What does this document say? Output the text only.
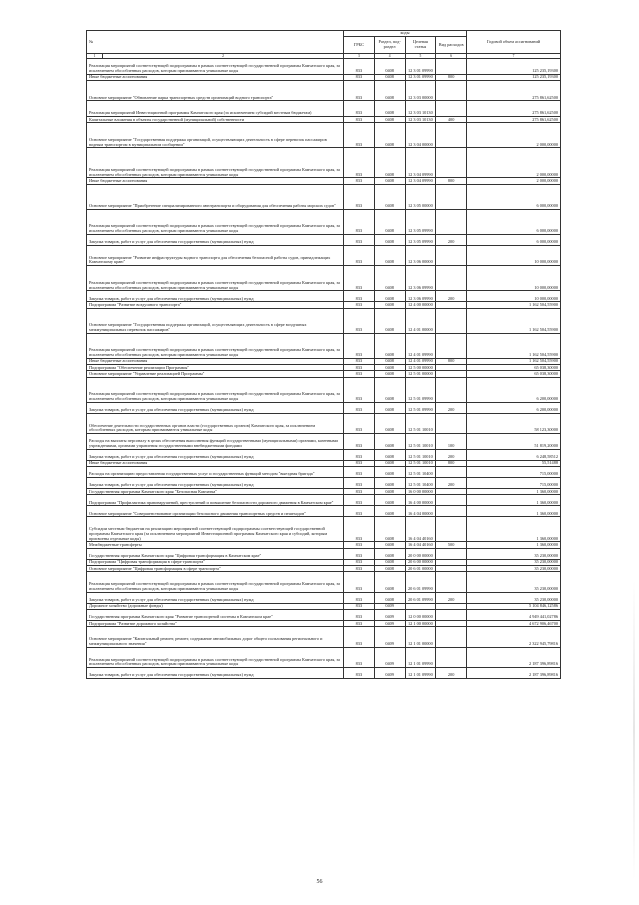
№	коды				Годовой объем ассигнований
	ГРБС	Раздел, под-раздел	Целевая статья	Вид расходов	

1 2	3	4	5	6	7
Реализация мероприятий соответствующей подпрограммы в рамках соответствующей государственной программы Камчатского края, за исключением обособленных расходов, которым присваиваются уникальные коды	833	0408	12 3 01 09990		125 235,19300
Иные бюджетные ассигнования	833	0408	12 3 01 09990	800	125 235,19300
Основное мероприятие "Обновление парка транспортных средств организаций водного транспорта"	833	0408	12 3 03 00000		275 861,62500
Реализация мероприятий Инвестиционной программы Камчатского края (за исключением субсидий местным бюджетам)	833	0408	12 3 03 10130		275 861,62500
Капитальные вложения в объекты государственной (муниципальной) собственности	833	0408	12 3 03 10130	400	275 861,62500
Основное мероприятие "Государственная поддержка организаций, осуществляющих деятельность в сфере перевозок пассажиров водным транспортом в муниципальном сообщении"	833	0408	12 3 04 00000		2 000,00000
Реализация мероприятий соответствующей подпрограммы в рамках соответствующей государственной программы Камчатского края, за исключением обособленных расходов, которым присваиваются уникальные коды	833	0408	12 3 04 09990		2 000,00000
Иные бюджетные ассигнования	833	0408	12 3 04 09990	800	2 000,00000
Основное мероприятие "Приобретение специализированного автотранспорта и оборудования для обеспечения работы морских судов"	833	0408	12 3 05 00000		6 000,00000
Реализация мероприятий соответствующей подпрограммы в рамках соответствующей государственной программы Камчатского края, за исключением обособленных расходов, которым присваиваются уникальные коды	833	0408	12 3 05 09990		6 000,00000
Закупка товаров, работ и услуг для обеспечения государственных (муниципальных) нужд	833	0408	12 3 05 09990	200	6 000,00000
Основное мероприятие "Развитие инфраструктуры водного транспорта для обеспечения безопасной работы судов, принадлежащих Камчатскому краю"	833	0408	12 3 06 00000		10 000,00000
Реализация мероприятий соответствующей подпрограммы в рамках соответствующей государственной программы Камчатского края, за исключением обособленных расходов, которым присваиваются уникальные коды	833	0408	12 3 06 09990		10 000,00000
Закупка товаров, работ и услуг для обеспечения государственных (муниципальных) нужд	833	0408	12 3 06 09990	200	10 000,00000
Подпрограмма "Развитие воздушного транспорта"	833	0408	12 4 00 00000		1 162 504,55900
Основное мероприятие "Государственная поддержка организаций, осуществляющих деятельность в сфере воздушных межмуниципальных перевозок пассажиров"	833	0408	12 4 01 00000		1 162 504,55900
Реализация мероприятий соответствующей подпрограммы в рамках соответствующей государственной программы Камчатского края, за исключением обособленных расходов, которым присваиваются уникальные коды	833	0408	12 4 01 09990		1 162 504,55900
Иные бюджетные ассигнования	833	0408	12 4 01 09990	800	1 162 504,55900
Подпрограмма "Обеспечение реализации Программы"	833	0408	12 5 00 00000		65 038,30000
Основное мероприятие "Управление реализацией Программы"	833	0408	12 5 01 00000		65 038,30000
Реализация мероприятий соответствующей подпрограммы в рамках соответствующей государственной программы Камчатского края, за исключением обособленных расходов, которым присваиваются уникальные коды	833	0408	12 5 01 09990		6 200,00000
Закупка товаров, работ и услуг для обеспечения государственных (муниципальных) нужд	833	0408	12 5 01 09990	200	6 200,00000
Обеспечение деятельности государственных органов власти (государственных органов) Камчатского края, за исключением обособленных расходов, которым присваиваются уникальные коды	833	0408	12 5 01 10010		58 123,30000
Расходы на выплаты персоналу в целях обеспечения выполнения функций государственными (муниципальными) органами, казенными учреждениями, органами управления государственными внебюджетными фондами	833	0408	12 5 01 10010	100	51 819,20000
Закупка товаров, работ и услуг для обеспечения государственных (муниципальных) нужд	833	0408	12 5 01 10010	200	6 248,58512
Иные бюджетные ассигнования	833	0408	12 5 01 10010	800	55,51488
Расходы на организацию предоставления государственных услуг и государственных функций методом "выездная бригада"	833	0408	12 5 01 10400		715,00000
Закупка товаров, работ и услуг для обеспечения государственных (муниципальных) нужд	833	0408	12 5 01 10400	200	715,00000
Государственная программа Камчатского края "Безопасная Камчатка"	833	0408	16 0 00 00000		1 360,00000
Подпрограмма "Профилактика правонарушений, преступлений и повышение безопасности дорожного движения в Камчатском крае"	833	0408	16 4 00 00000		1 360,00000
Основное мероприятие "Совершенствование организации безопасного движения транспортных средств и пешеходов"	833	0408	16 4 04 00000		1 360,00000
Субсидии местным бюджетам на реализацию мероприятий соответствующей подпрограммы соответствующей государственной программы Камчатского края (за исключением мероприятий Инвестиционной программы Камчатского края и субсидий, которым присвоены отдельные коды)	833	0408	16 4 04 40160		1 360,00000
Межбюджетные трансферты	833	0408	16 4 04 40160	500	1 360,00000
Государственная программа Камчатского края "Цифровая трансформация в Камчатском крае"	833	0408	20 0 00 00000		35 230,00000
Подпрограмма "Цифровая трансформация в сфере транспорта"	833	0408	20 6 00 00000		35 230,00000
Основное мероприятие "Цифровая трансформация в сфере транспорта"	833	0408	20 6 01 00000		35 230,00000
Реализация мероприятий соответствующей подпрограммы в рамках соответствующей государственной программы Камчатского края, за исключением обособленных расходов, которым присваиваются уникальные коды	833	0408	20 6 01 09990		35 230,00000
Закупка товаров, работ и услуг для обеспечения государственных (муниципальных) нужд	833	0408	20 6 01 09990	200	35 230,00000
Дорожное хозяйство (дорожные фонды)	833	0409			5 104 846,12586
Государственная программа Камчатского края "Развитие транспортной системы в Камчатском крае"	833	0409	12 0 00 00000		4 949 441,02786
Подпрограмма "Развитие дорожного хозяйства"	833	0409	12 1 00 00000		4 672 906,46700
Основное мероприятие "Капитальный ремонт, ремонт, содержание автомобильных дорог общего пользования регионального и межмуниципального значения"	833	0409	12 1 01 00000		2 322 945,79816
Реализация мероприятий соответствующей подпрограммы в рамках соответствующей государственной программы Камчатского края, за исключением обособленных расходов, которым присваиваются уникальные коды	833	0409	12 1 01 09990		2 187 396,89816
Закупка товаров, работ и услуг для обеспечения государственных (муниципальных) нужд	833	0409	12 1 01 09990	200	2 187 396,89816
56
